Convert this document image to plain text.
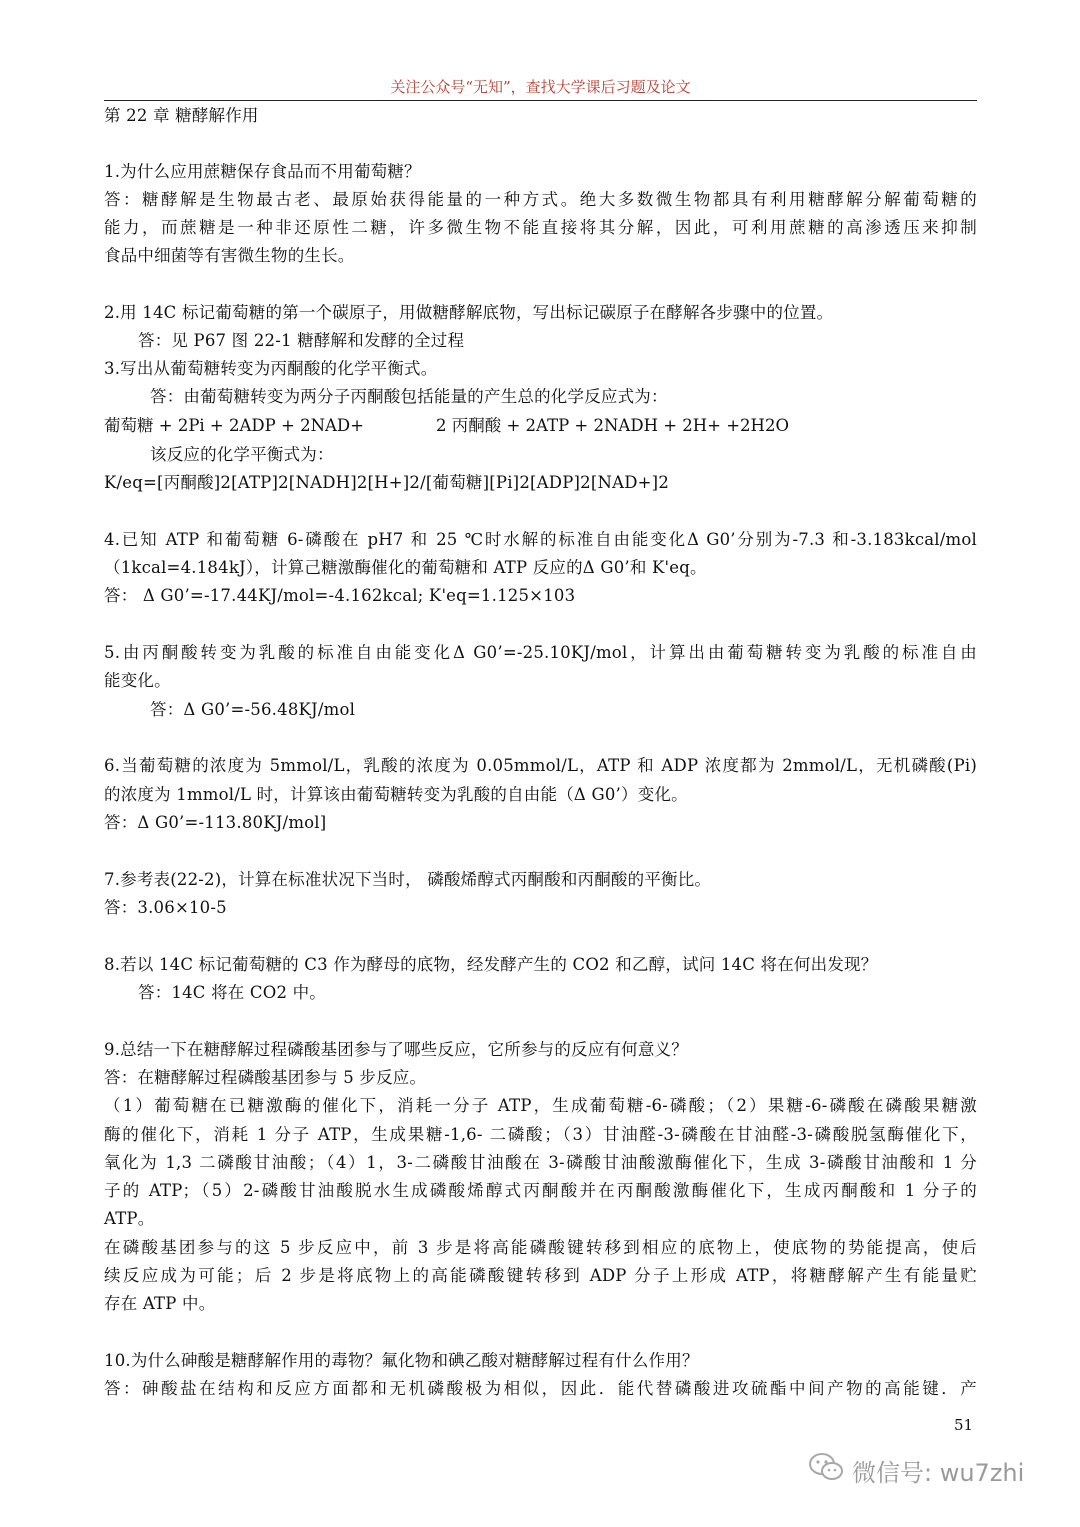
关注公众号“无知”，查找大学课后习题及论文
第 22 章 糖酵解作用
1.为什么应用蔗糖保存食品而不用葡萄糖？
答：糖酵解是生物最古老、最原始获得能量的一种方式。绝大多数微生物都具有利用糖酵解分解葡萄糖的
能力，而蔗糖是一种非还原性二糖，许多微生物不能直接将其分解，因此，可利用蔗糖的高渗透压来抑制
食品中细菌等有害微生物的生长。
2.用 14C 标记葡萄糖的第一个碳原子，用做糖酵解底物，写出标记碳原子在酵解各步骤中的位置。
答：见 P67 图 22-1 糖酵解和发酵的全过程
3.写出从葡萄糖转变为丙酮酸的化学平衡式。
答：由葡萄糖转变为两分子丙酮酸包括能量的产生总的化学反应式为：
葡萄糖 + 2Pi + 2ADP + 2NAD+	2 丙酮酸 + 2ATP + 2NADH + 2H+ +2H2O
该反应的化学平衡式为：
K/eq=[丙酮酸]2[ATP]2[NADH]2[H+]2/[葡萄糖][Pi]2[ADP]2[NAD+]2
4.已知 ATP 和葡萄糖 6-磷酸在 pH7 和 25 ℃时水解的标准自由能变化Δ G0’分别为-7.3 和-3.183kcal/mol
（1kcal=4.184kJ），计算己糖激酶催化的葡萄糖和 ATP 反应的Δ G0’和 K'eq。
答： Δ G0’=-17.44KJ/mol=-4.162kcal; K'eq=1.125×103
5.由丙酮酸转变为乳酸的标准自由能变化Δ G0’=-25.10KJ/mol，计算出由葡萄糖转变为乳酸的标准自由
能变化。
答：Δ G0’=-56.48KJ/mol
6.当葡萄糖的浓度为 5mmol/L，乳酸的浓度为 0.05mmol/L，ATP 和 ADP 浓度都为 2mmol/L，无机磷酸(Pi)
的浓度为 1mmol/L 时，计算该由葡萄糖转变为乳酸的自由能（Δ G0’）变化。
答：Δ G0’=-113.80KJ/mol]
7.参考表(22-2)，计算在标准状况下当时， 磷酸烯醇式丙酮酸和丙酮酸的平衡比。
答：3.06×10-5
8.若以 14C 标记葡萄糖的 C3 作为酵母的底物，经发酵产生的 CO2 和乙醇，试问 14C 将在何出发现？
答：14C 将在 CO2 中。
9.总结一下在糖酵解过程磷酸基团参与了哪些反应，它所参与的反应有何意义？
答：在糖酵解过程磷酸基团参与 5 步反应。
（1）葡萄糖在已糖激酶的催化下，消耗一分子 ATP，生成葡萄糖-6-磷酸；（2）果糖-6-磷酸在磷酸果糖激
酶的催化下，消耗 1 分子 ATP，生成果糖-1,6- 二磷酸；（3）甘油醛-3-磷酸在甘油醛-3-磷酸脱氢酶催化下，
氧化为 1,3 二磷酸甘油酸；（4）1，3-二磷酸甘油酸在 3-磷酸甘油酸激酶催化下，生成 3-磷酸甘油酸和 1 分
子的 ATP；（5）2-磷酸甘油酸脱水生成磷酸烯醇式丙酮酸并在丙酮酸激酶催化下，生成丙酮酸和 1 分子的
ATP。
在磷酸基团参与的这 5 步反应中，前 3 步是将高能磷酸键转移到相应的底物上，使底物的势能提高，使后
续反应成为可能；后 2 步是将底物上的高能磷酸键转移到 ADP 分子上形成 ATP，将糖酵解产生有能量贮
存在 ATP 中。
10.为什么砷酸是糖酵解作用的毒物？氟化物和碘乙酸对糖酵解过程有什么作用？
答：砷酸盐在结构和反应方面都和无机磷酸极为相似，因此．能代替磷酸进攻硫酯中间产物的高能键．产
51
微信号: wu7zhi
